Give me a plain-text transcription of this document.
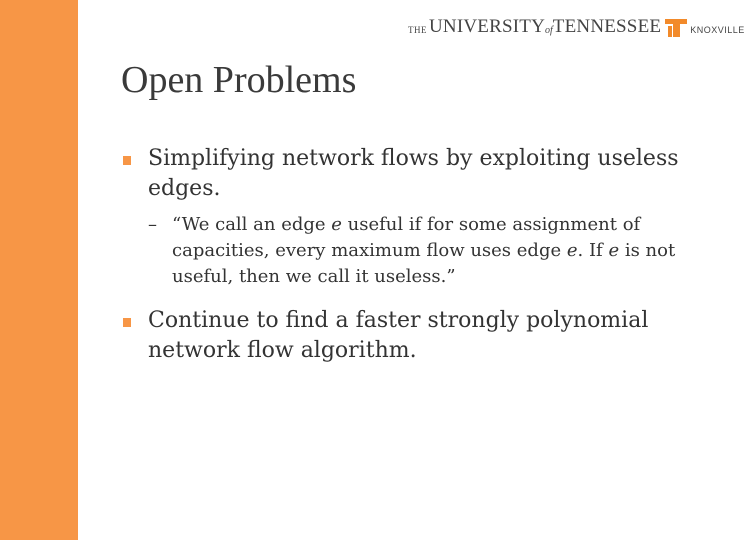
THE UNIVERSITY of TENNESSEE	KNOXVILLE
Open Problems
Simplifying network flows by exploiting useless edges.
– “We call an edge e useful if for some assignment of capacities, every maximum flow uses edge e. If e is not useful, then we call it useless.”
Continue to find a faster strongly polynomial network flow algorithm.
